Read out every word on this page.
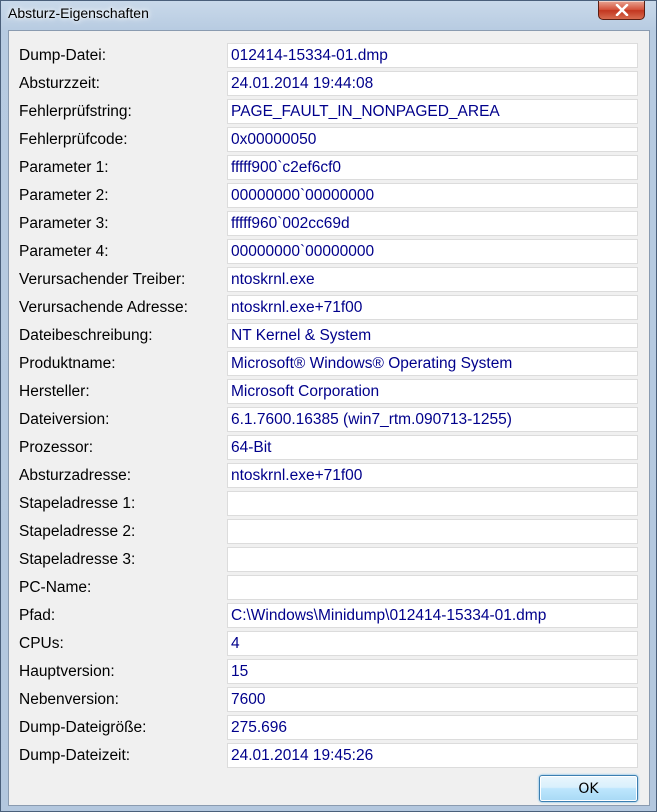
Absturz-Eigenschaften
Dump-Datei:	012414-15334-01.dmp
Absturzzeit:	24.01.2014 19:44:08
Fehlerprüfstring:	PAGE_FAULT_IN_NONPAGED_AREA
Fehlerprüfcode:	0x00000050
Parameter 1:	fffff900`c2ef6cf0
Parameter 2:	00000000`00000000
Parameter 3:	fffff960`002cc69d
Parameter 4:	00000000`00000000
Verursachender Treiber:	ntoskrnl.exe
Verursachende Adresse:	ntoskrnl.exe+71f00
Dateibeschreibung:	NT Kernel & System
Produktname:	Microsoft® Windows® Operating System
Hersteller:	Microsoft Corporation
Dateiversion:	6.1.7600.16385 (win7_rtm.090713-1255)
Prozessor:	64-Bit
Absturzadresse:	ntoskrnl.exe+71f00
Stapeladresse 1:
Stapeladresse 2:
Stapeladresse 3:
PC-Name:
Pfad:	C:\Windows\Minidump\012414-15334-01.dmp
CPUs:	4
Hauptversion:	15
Nebenversion:	7600
Dump-Dateigröße:	275.696
Dump-Dateizeit:	24.01.2014 19:45:26
OK
